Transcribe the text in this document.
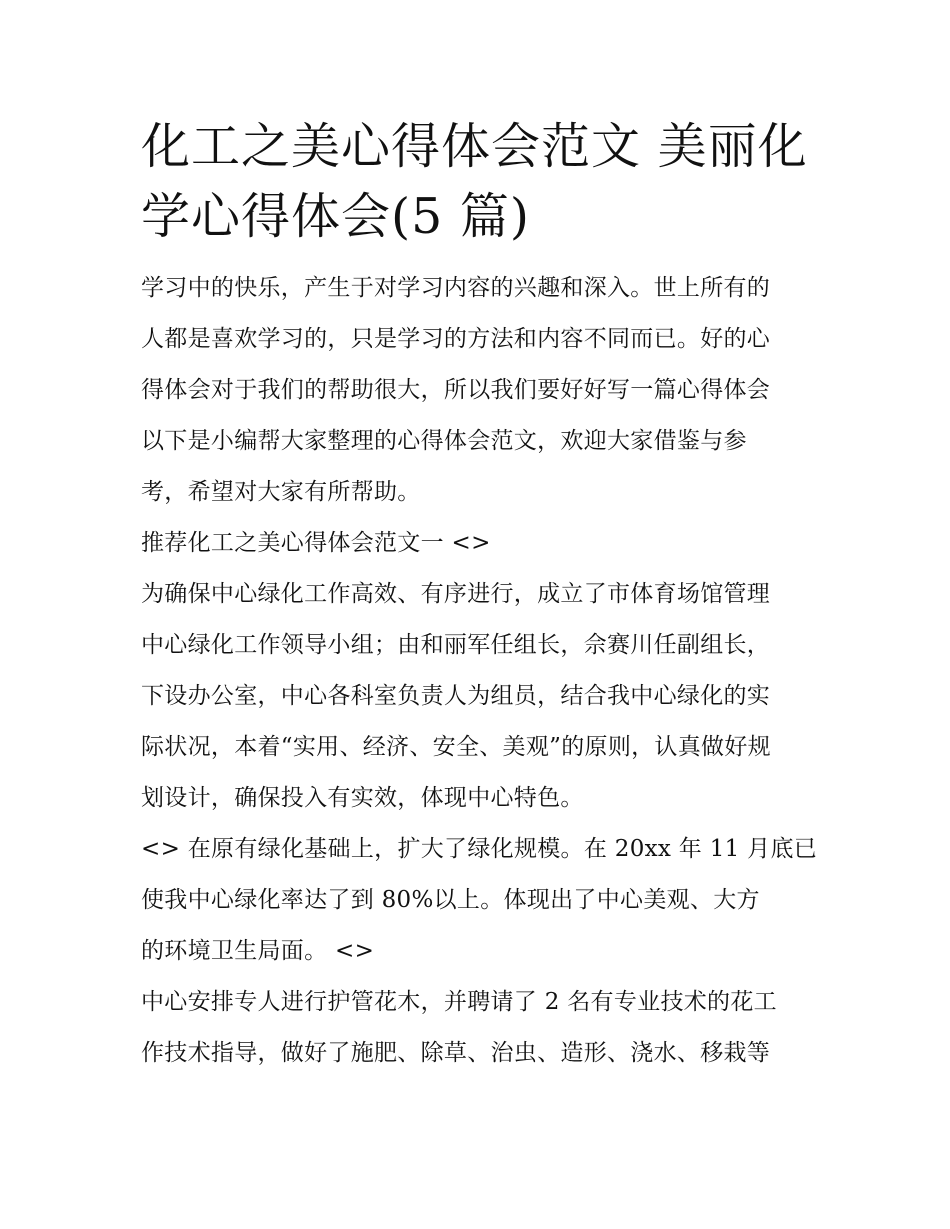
化工之美心得体会范文 美丽化
学心得体会(5 篇)
学习中的快乐，产生于对学习内容的兴趣和深入。世上所有的
人都是喜欢学习的，只是学习的方法和内容不同而已。好的心
得体会对于我们的帮助很大，所以我们要好好写一篇心得体会
以下是小编帮大家整理的心得体会范文，欢迎大家借鉴与参
考，希望对大家有所帮助。
推荐化工之美心得体会范文一 <>
为确保中心绿化工作高效、有序进行，成立了市体育场馆管理
中心绿化工作领导小组；由和丽军任组长，佘赛川任副组长，
下设办公室，中心各科室负责人为组员，结合我中心绿化的实
际状况，本着“实用、经济、安全、美观”的原则，认真做好规
划设计，确保投入有实效，体现中心特色。
<> 在原有绿化基础上，扩大了绿化规模。在 20xx 年 11 月底已
使我中心绿化率达了到 80%以上。体现出了中心美观、大方
的环境卫生局面。 <>
中心安排专人进行护管花木，并聘请了 2 名有专业技术的花工
作技术指导，做好了施肥、除草、治虫、造形、浇水、移栽等
